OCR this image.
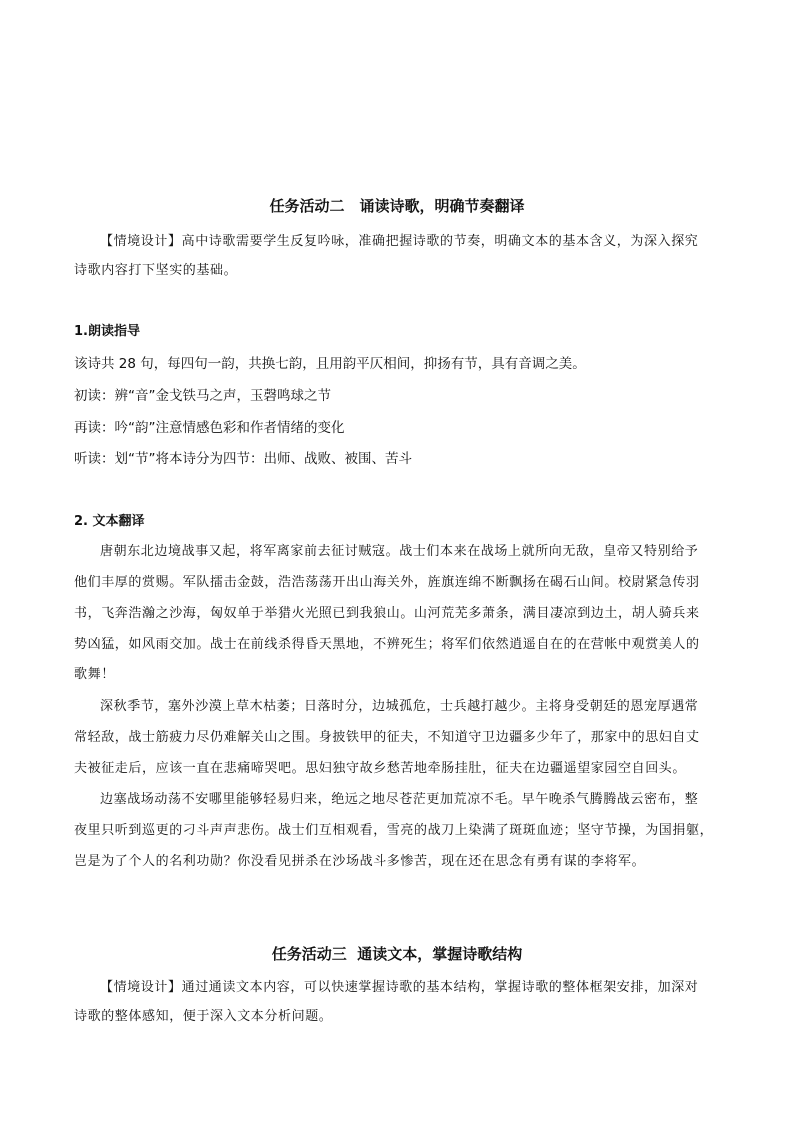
任务活动二　诵读诗歌，明确节奏翻译
【情境设计】高中诗歌需要学生反复吟咏，准确把握诗歌的节奏，明确文本的基本含义，为深入探究
诗歌内容打下坚实的基础。
1.朗读指导
该诗共 28 句，每四句一韵，共换七韵，且用韵平仄相间，抑扬有节，具有音调之美。
初读：辨“音”金戈铁马之声，玉磬鸣球之节
再读：吟“韵”注意情感色彩和作者情绪的变化
听读：划“节”将本诗分为四节：出师、战败、被围、苦斗
2. 文本翻译
唐朝东北边境战事又起，将军离家前去征讨贼寇。战士们本来在战场上就所向无敌，皇帝又特别给予
他们丰厚的赏赐。军队擂击金鼓，浩浩荡荡开出山海关外，旌旗连绵不断飘扬在碣石山间。校尉紧急传羽
书，飞奔浩瀚之沙海，匈奴单于举猎火光照已到我狼山。山河荒芜多萧条，满目凄凉到边土，胡人骑兵来
势凶猛，如风雨交加。战士在前线杀得昏天黑地，不辨死生；将军们依然逍遥自在的在营帐中观赏美人的
歌舞！
深秋季节，塞外沙漠上草木枯萎；日落时分，边城孤危，士兵越打越少。主将身受朝廷的恩宠厚遇常
常轻敌，战士筋疲力尽仍难解关山之围。身披铁甲的征夫，不知道守卫边疆多少年了，那家中的思妇自丈
夫被征走后，应该一直在悲痛啼哭吧。思妇独守故乡愁苦地牵肠挂肚，征夫在边疆遥望家园空自回头。
边塞战场动荡不安哪里能够轻易归来，绝远之地尽苍茫更加荒凉不毛。早午晚杀气腾腾战云密布，整
夜里只听到巡更的刁斗声声悲伤。战士们互相观看，雪亮的战刀上染满了斑斑血迹；坚守节操，为国捐躯，
岂是为了个人的名利功勋？你没看见拼杀在沙场战斗多惨苦，现在还在思念有勇有谋的李将军。
任务活动三  通读文本，掌握诗歌结构
【情境设计】通过通读文本内容，可以快速掌握诗歌的基本结构，掌握诗歌的整体框架安排，加深对
诗歌的整体感知，便于深入文本分析问题。
